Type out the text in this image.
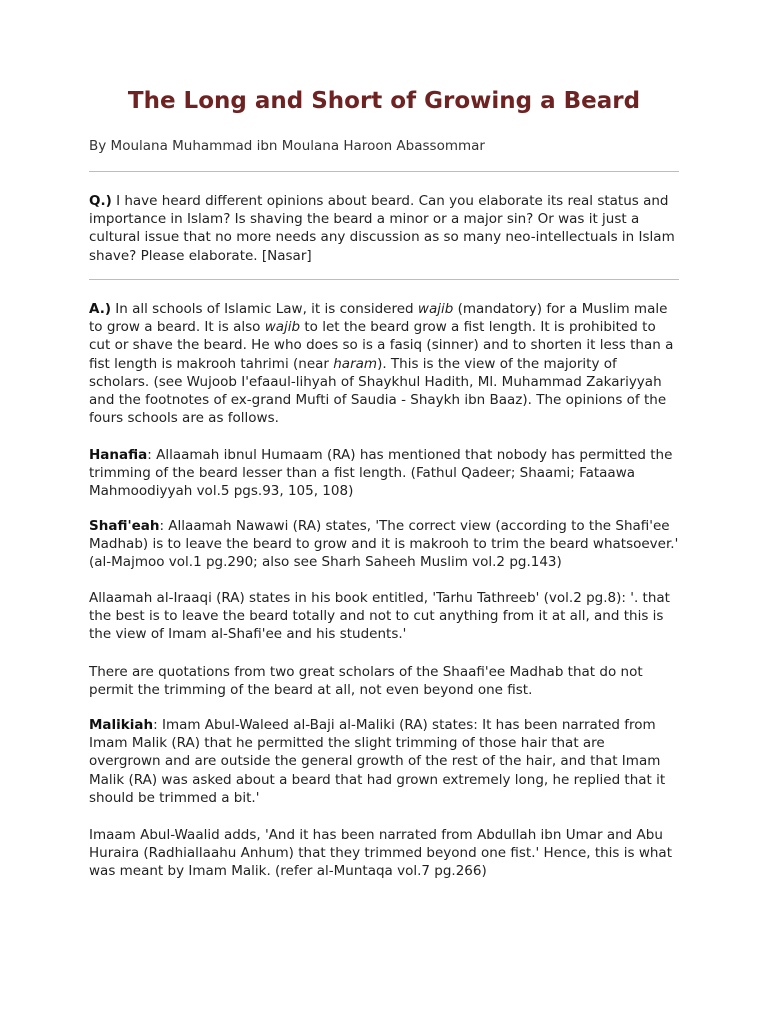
The Long and Short of Growing a Beard

By Moulana Muhammad ibn Moulana Haroon Abassommar

Q.) I have heard different opinions about beard. Can you elaborate its real status and importance in Islam? Is shaving the beard a minor or a major sin? Or was it just a cultural issue that no more needs any discussion as so many neo-intellectuals in Islam shave? Please elaborate. [Nasar]

A.) In all schools of Islamic Law, it is considered wajib (mandatory) for a Muslim male to grow a beard. It is also wajib to let the beard grow a fist length. It is prohibited to cut or shave the beard. He who does so is a fasiq (sinner) and to shorten it less than a fist length is makrooh tahrimi (near haram). This is the view of the majority of scholars. (see Wujoob I'efaaul-lihyah of Shaykhul Hadith, Ml. Muhammad Zakariyyah and the footnotes of ex-grand Mufti of Saudia - Shaykh ibn Baaz). The opinions of the fours schools are as follows.

Hanafia: Allaamah ibnul Humaam (RA) has mentioned that nobody has permitted the trimming of the beard lesser than a fist length. (Fathul Qadeer; Shaami; Fataawa Mahmoodiyyah vol.5 pgs.93, 105, 108)

Shafi'eah: Allaamah Nawawi (RA) states, 'The correct view (according to the Shafi'ee Madhab) is to leave the beard to grow and it is makrooh to trim the beard whatsoever.' (al-Majmoo vol.1 pg.290; also see Sharh Saheeh Muslim vol.2 pg.143)

Allaamah al-Iraaqi (RA) states in his book entitled, 'Tarhu Tathreeb' (vol.2 pg.8): '. that the best is to leave the beard totally and not to cut anything from it at all, and this is the view of Imam al-Shafi'ee and his students.'

There are quotations from two great scholars of the Shaafi'ee Madhab that do not permit the trimming of the beard at all, not even beyond one fist.

Malikiah: Imam Abul-Waleed al-Baji al-Maliki (RA) states: It has been narrated from Imam Malik (RA) that he permitted the slight trimming of those hair that are overgrown and are outside the general growth of the rest of the hair, and that Imam Malik (RA) was asked about a beard that had grown extremely long, he replied that it should be trimmed a bit.'

Imaam Abul-Waalid adds, 'And it has been narrated from Abdullah ibn Umar and Abu Huraira (Radhiallaahu Anhum) that they trimmed beyond one fist.' Hence, this is what was meant by Imam Malik. (refer al-Muntaqa vol.7 pg.266)
